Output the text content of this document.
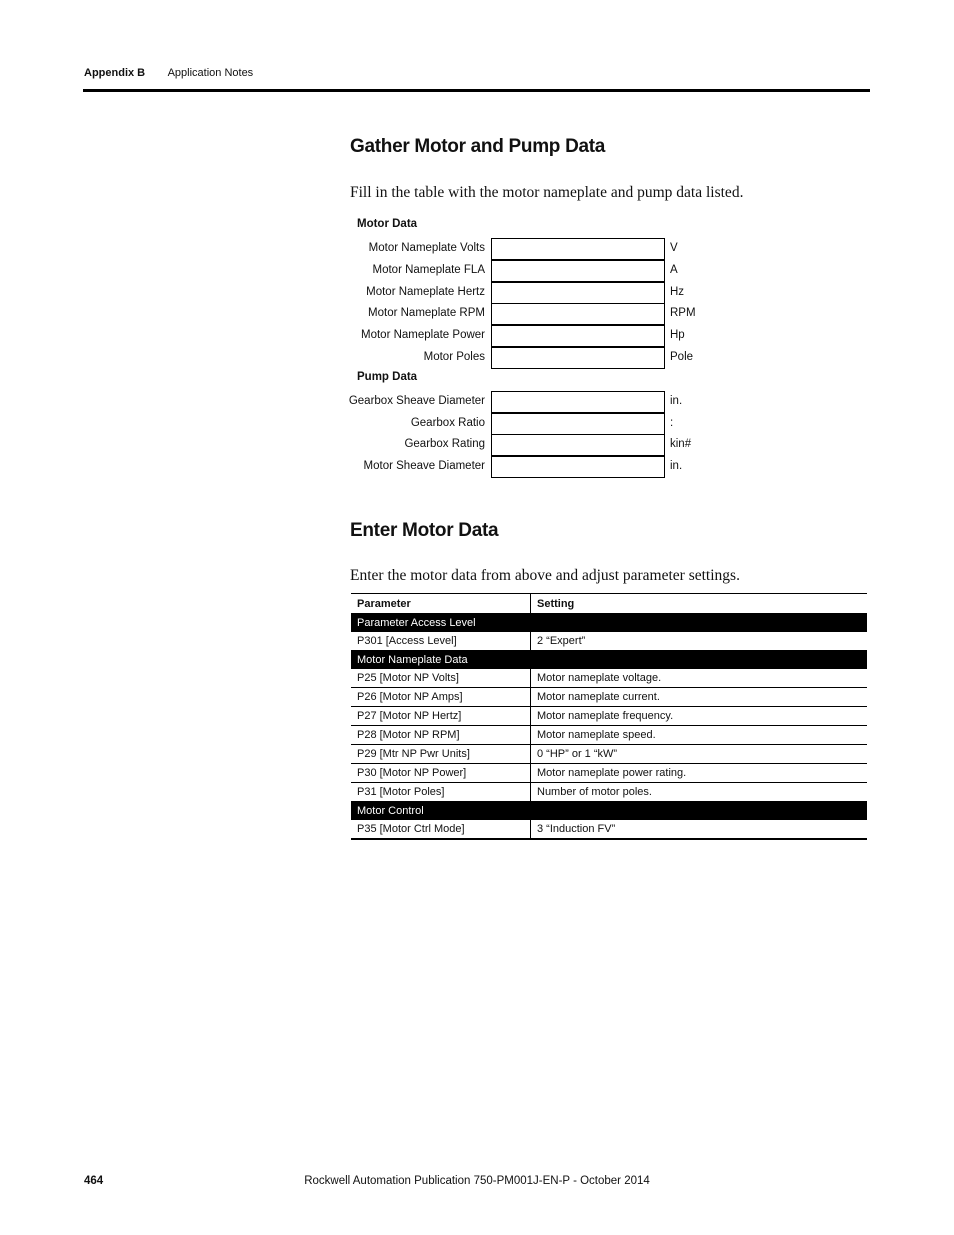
Appendix B Application Notes
Gather Motor and Pump Data
Fill in the table with the motor nameplate and pump data listed.
Motor Data
Motor Nameplate Volts	V
Motor Nameplate FLA	A
Motor Nameplate Hertz	Hz
Motor Nameplate RPM	RPM
Motor Nameplate Power	Hp
Motor Poles	Pole
Pump Data
Gearbox Sheave Diameter	in.
Gearbox Ratio	:
Gearbox Rating	kin#
Motor Sheave Diameter	in.
Enter Motor Data
Enter the motor data from above and adjust parameter settings.
Parameter	Setting
Parameter Access Level	
P301 [Access Level]	2 “Expert”
Motor Nameplate Data	
P25 [Motor NP Volts]	Motor nameplate voltage.
P26 [Motor NP Amps]	Motor nameplate current.
P27 [Motor NP Hertz]	Motor nameplate frequency.
P28 [Motor NP RPM]	Motor nameplate speed.
P29 [Mtr NP Pwr Units]	0 “HP” or 1 “kW”
P30 [Motor NP Power]	Motor nameplate power rating.
P31 [Motor Poles]	Number of motor poles.
Motor Control	
P35 [Motor Ctrl Mode]	3 “Induction FV”
464	Rockwell Automation Publication 750-PM001J-EN-P - October 2014
